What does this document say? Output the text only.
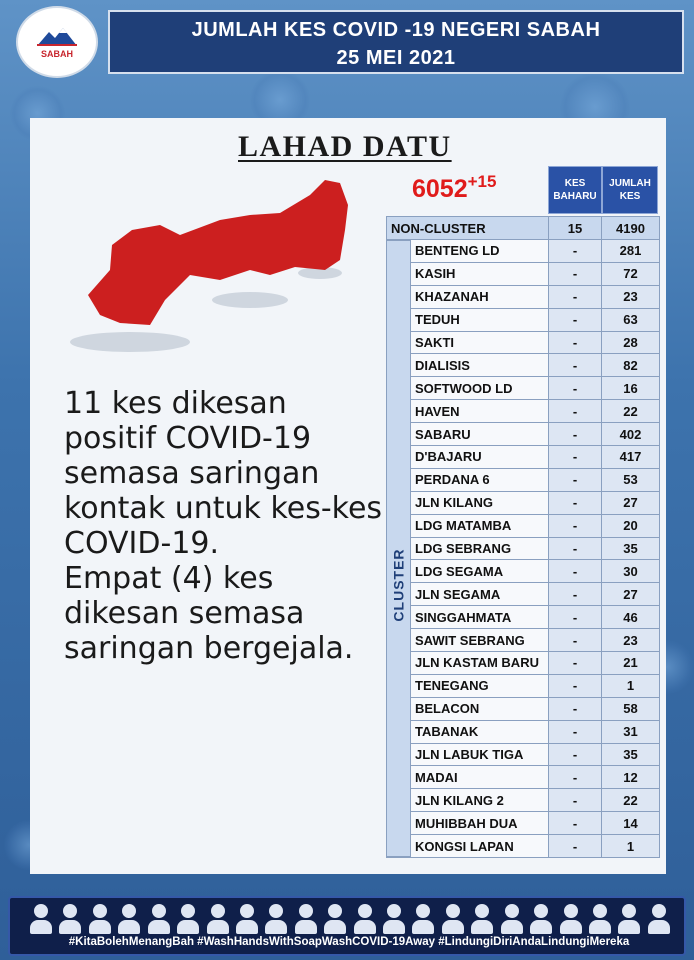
SABAH
JUMLAH KES COVID -19 NEGERI SABAH
25 MEI 2021
LAHAD DATU
$6052^{+15}$

11 kes dikesan positif COVID-19 semasa saringan kontak untuk kes-kes COVID-19.

Empat (4) kes dikesan semasa saringan bergejala.

KES BAHARU
JUMLAH KES
NON-CLUSTER	15	4190
BENTENG LD	-	281
KASIH	-	72
KHAZANAH	-	23
TEDUH	-	63
SAKTI	-	28
DIALISIS	-	82
SOFTWOOD LD	-	16
HAVEN	-	22
SABARU	-	402
D'BAJARU	-	417
PERDANA 6	-	53
JLN KILANG	-	27
LDG MATAMBA	-	20
LDG SEBRANG	-	35
LDG SEGAMA	-	30
JLN SEGAMA	-	27
SINGGAHMATA	-	46
SAWIT SEBRANG	-	23
JLN KASTAM BARU	-	21
TENEGANG	-	1
BELACON	-	58
TABANAK	-	31
JLN LABUK TIGA	-	35
MADAI	-	12
JLN KILANG 2	-	22
MUHIBBAH DUA	-	14
KONGSI LAPAN	-	1
CLUSTER
#KitaBolehMenangBah #WashHandsWithSoapWashCOVID-19Away #LindungiDiriAndaLindungiMereka
